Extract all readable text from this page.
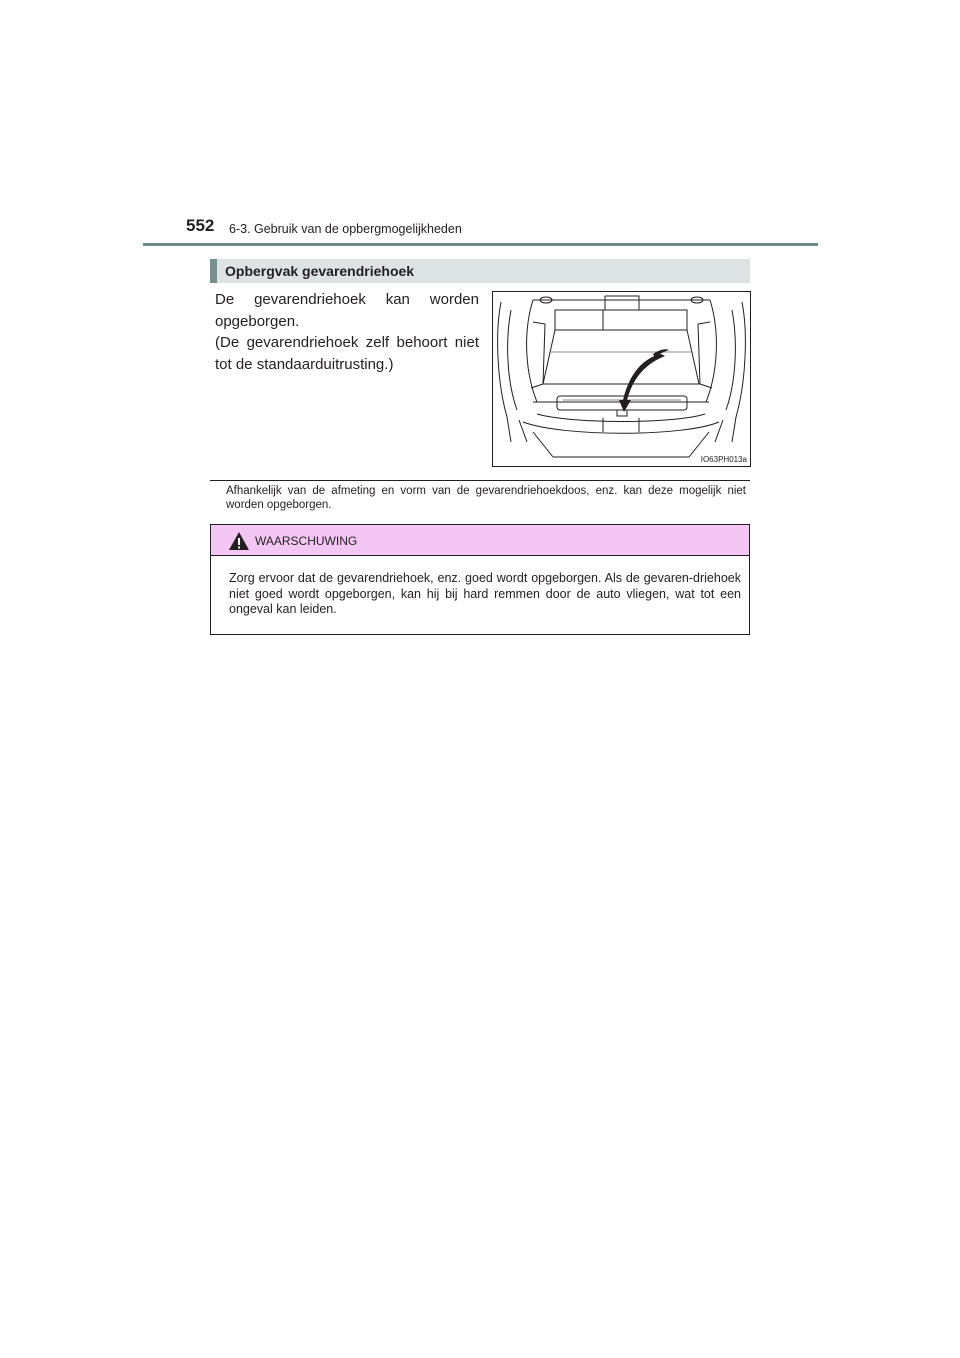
552 6-3. Gebruik van de opbergmogelijkheden
Opbergvak gevarendriehoek
De gevarendriehoek kan worden
opgeborgen.
(De gevarendriehoek zelf behoort niet
tot de standaarduitrusting.)
IO63PH013a
Afhankelijk van de afmeting en vorm van de gevarendriehoekdoos, enz. kan deze mogelijk niet worden opgeborgen.
WAARSCHUWING
Zorg ervoor dat de gevarendriehoek, enz. goed wordt opgeborgen. Als de gevaren-driehoek niet goed wordt opgeborgen, kan hij bij hard remmen door de auto vliegen, wat tot een ongeval kan leiden.
